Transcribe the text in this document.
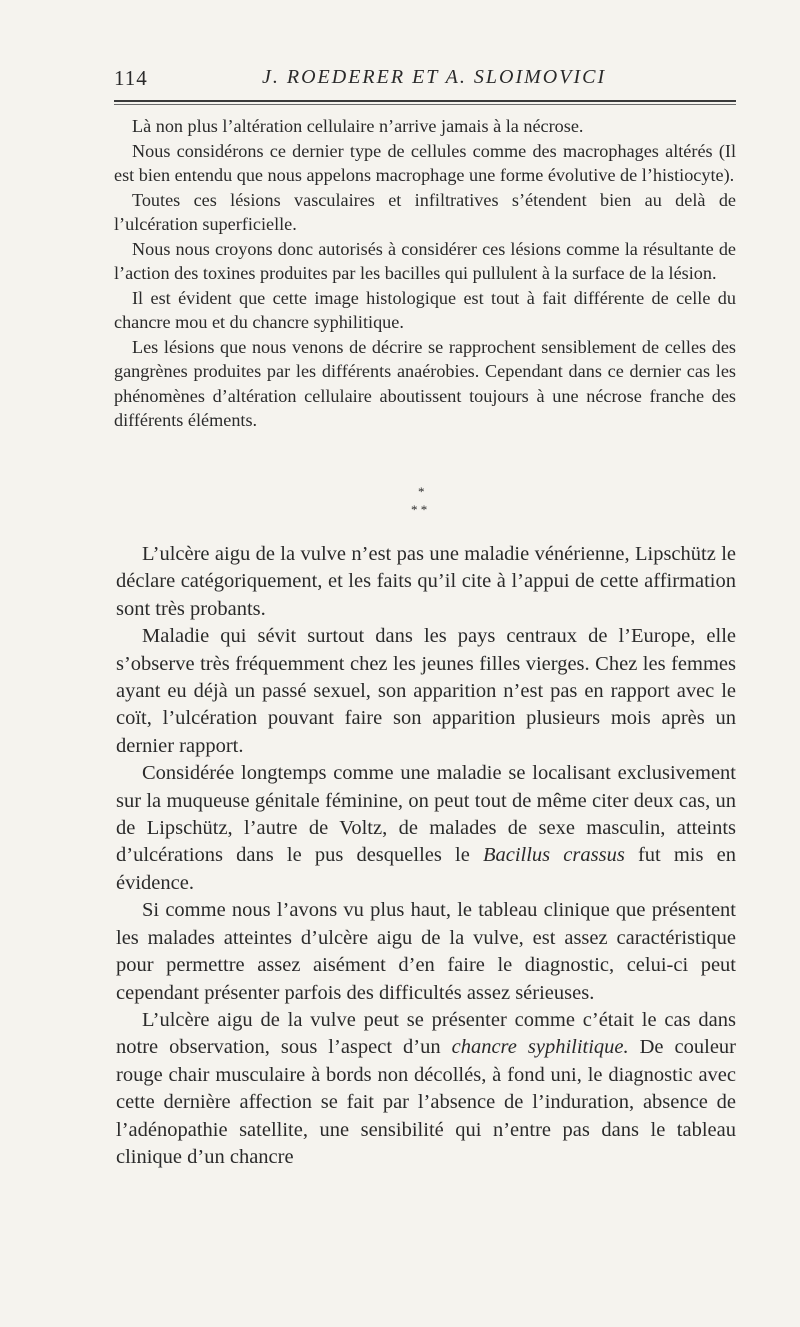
114	J. ROEDERER ET A. SLOIMOVICI

Là non plus l’altération cellulaire n’arrive jamais à la nécrose.

Nous considérons ce dernier type de cellules comme des macrophages altérés (Il est bien entendu que nous appelons macrophage une forme évolutive de l’histiocyte).

Toutes ces lésions vasculaires et infiltratives s’étendent bien au delà de l’ulcération superficielle.

Nous nous croyons donc autorisés à considérer ces lésions comme la résultante de l’action des toxines produites par les bacilles qui pullulent à la surface de la lésion.

Il est évident que cette image histologique est tout à fait différente de celle du chancre mou et du chancre syphilitique.

Les lésions que nous venons de décrire se rapprochent sensiblement de celles des gangrènes produites par les différents anaérobies. Cependant dans ce dernier cas les phénomènes d’altération cellulaire aboutissent toujours à une nécrose franche des différents éléments.

*
* *

L’ulcère aigu de la vulve n’est pas une maladie vénérienne, Lipschütz le déclare catégoriquement, et les faits qu’il cite à l’appui de cette affirmation sont très probants.

Maladie qui sévit surtout dans les pays centraux de l’Europe, elle s’observe très fréquemment chez les jeunes filles vierges. Chez les femmes ayant eu déjà un passé sexuel, son apparition n’est pas en rapport avec le coït, l’ulcération pouvant faire son apparition plusieurs mois après un dernier rapport.

Considérée longtemps comme une maladie se localisant exclusivement sur la muqueuse génitale féminine, on peut tout de même citer deux cas, un de Lipschütz, l’autre de Voltz, de malades de sexe masculin, atteints d’ulcérations dans le pus desquelles le Bacillus crassus fut mis en évidence.

Si comme nous l’avons vu plus haut, le tableau clinique que présentent les malades atteintes d’ulcère aigu de la vulve, est assez caractéristique pour permettre assez aisément d’en faire le diagnostic, celui-ci peut cependant présenter parfois des difficultés assez sérieuses.

L’ulcère aigu de la vulve peut se présenter comme c’était le cas dans notre observation, sous l’aspect d’un chancre syphilitique. De couleur rouge chair musculaire à bords non décollés, à fond uni, le diagnostic avec cette dernière affection se fait par l’absence de l’induration, absence de l’adénopathie satellite, une sensibilité qui n’entre pas dans le tableau clinique d’un chancre
